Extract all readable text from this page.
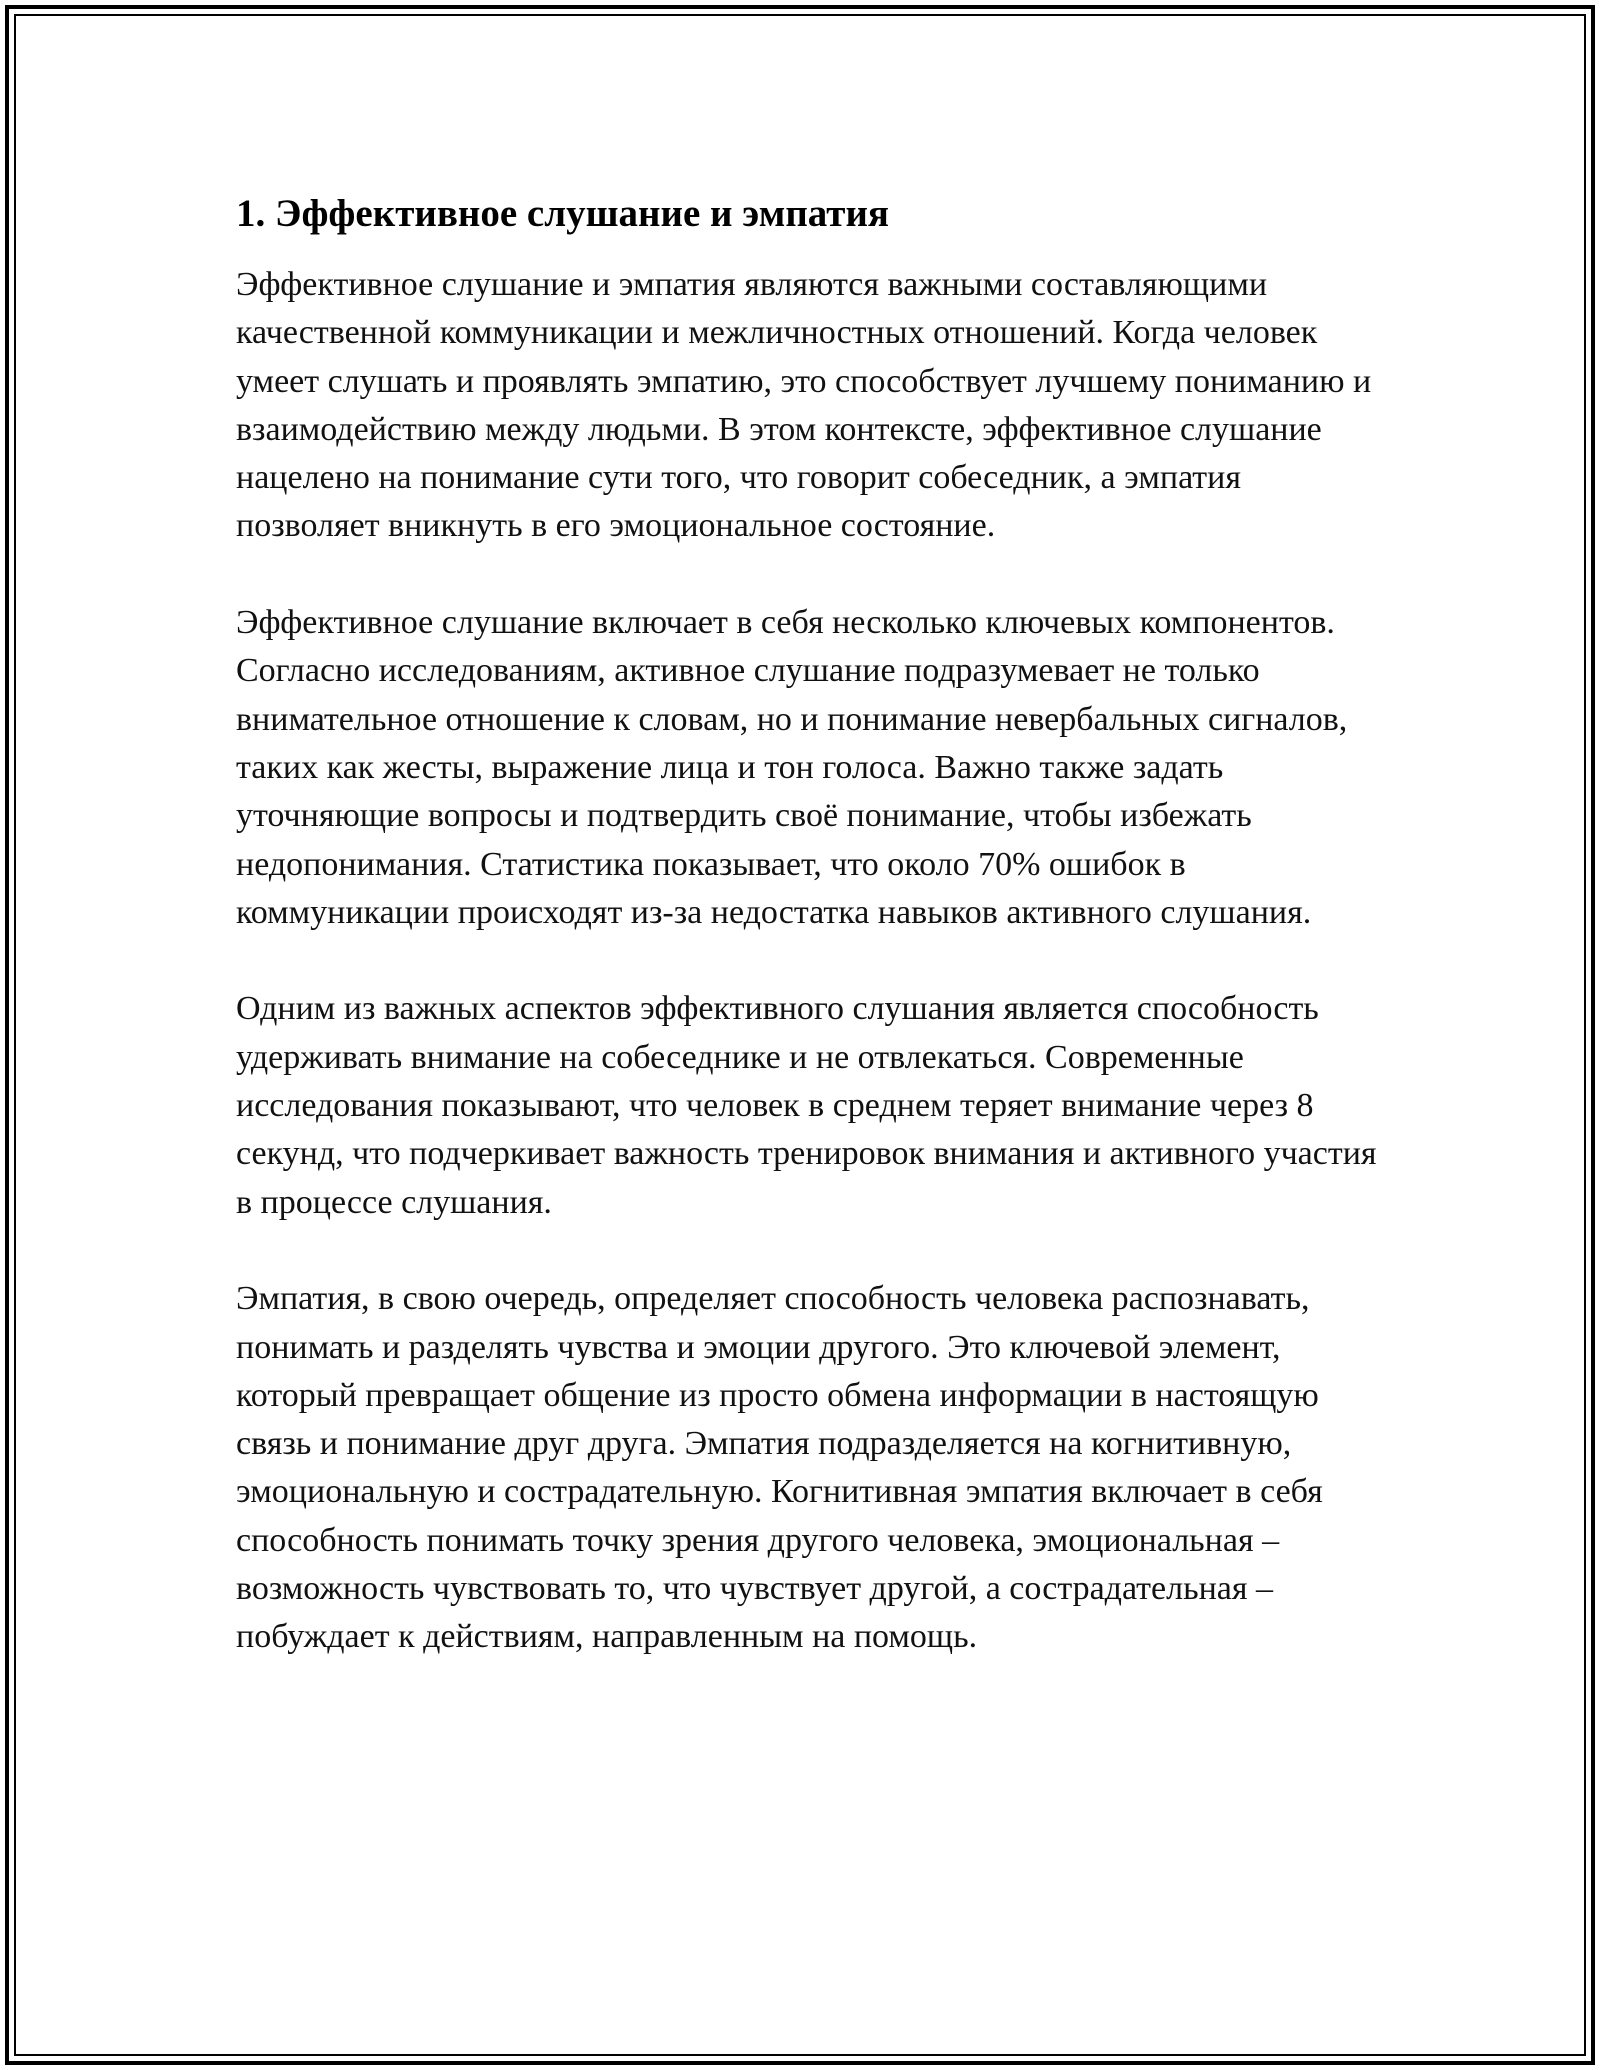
1. Эффективное слушание и эмпатия

Эффективное слушание и эмпатия являются важными составляющими качественной коммуникации и межличностных отношений. Когда человек умеет слушать и проявлять эмпатию, это способствует лучшему пониманию и взаимодействию между людьми. В этом контексте, эффективное слушание нацелено на понимание сути того, что говорит собеседник, а эмпатия позволяет вникнуть в его эмоциональное состояние.

Эффективное слушание включает в себя несколько ключевых компонентов. Согласно исследованиям, активное слушание подразумевает не только внимательное отношение к словам, но и понимание невербальных сигналов, таких как жесты, выражение лица и тон голоса. Важно также задать уточняющие вопросы и подтвердить своё понимание, чтобы избежать недопонимания. Статистика показывает, что около 70% ошибок в коммуникации происходят из-за недостатка навыков активного слушания.

Одним из важных аспектов эффективного слушания является способность удерживать внимание на собеседнике и не отвлекаться. Современные исследования показывают, что человек в среднем теряет внимание через 8 секунд, что подчеркивает важность тренировок внимания и активного участия в процессе слушания.

Эмпатия, в свою очередь, определяет способность человека распознавать, понимать и разделять чувства и эмоции другого. Это ключевой элемент, который превращает общение из просто обмена информации в настоящую связь и понимание друг друга. Эмпатия подразделяется на когнитивную, эмоциональную и сострадательную. Когнитивная эмпатия включает в себя способность понимать точку зрения другого человека, эмоциональная – возможность чувствовать то, что чувствует другой, а сострадательная – побуждает к действиям, направленным на помощь.
